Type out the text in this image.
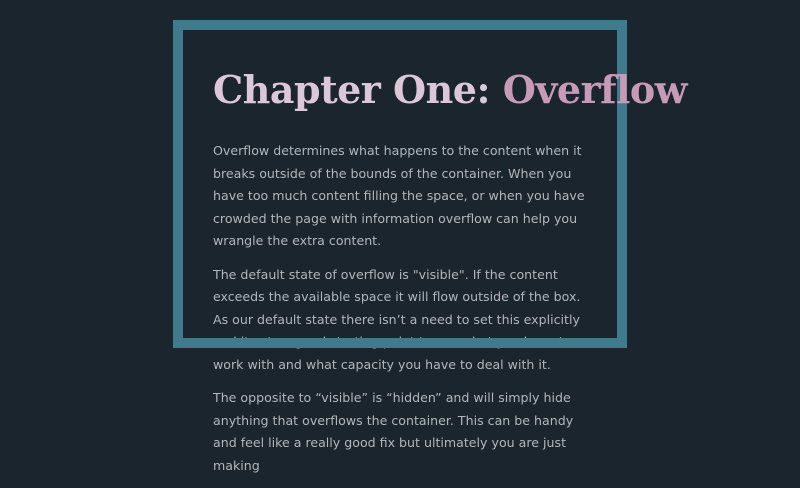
Chapter One: Overflow

Overflow determines what happens to the content when it breaks outside of the bounds of the container. When you have too much content filling the space, or when you have crowded the page with information overflow can help you wrangle the extra content.

The default state of overflow is "visible". If the content exceeds the available space it will flow outside of the box. As our default state there isn’t a need to set this explicitly and it sets a good starting point to see what you have to work with and what capacity you have to deal with it.

The opposite to “visible” is “hidden” and will simply hide anything that overflows the container. This can be handy and feel like a really good fix but ultimately you are just making
